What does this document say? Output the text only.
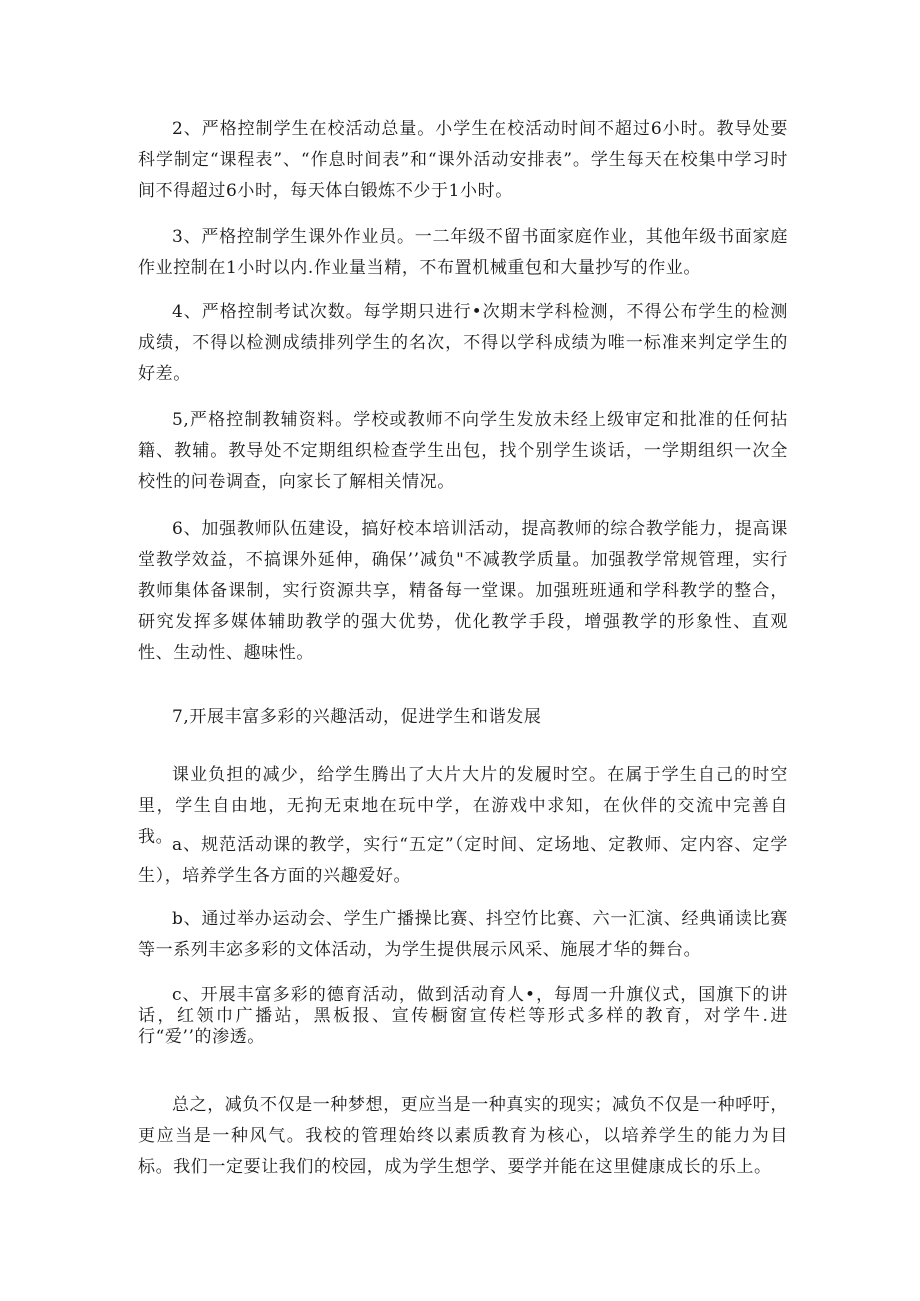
2、严格控制学生在校活动总量。小学生在校活动时间不超过6小时。教导处要科学制定“课程表”、“作息时间表”和“课外活动安排表”。学生每天在校集中学习时间不得超过6小时，每天体白锻炼不少于1小时。

3、严格控制学生课外作业员。一二年级不留书面家庭作业，其他年级书面家庭作业控制在1小时以内.作业量当精，不布置机械重包和大量抄写的作业。

4、严格控制考试次数。每学期只进行•次期末学科检测，不得公布学生的检测成绩，不得以检测成绩排列学生的名次，不得以学科成绩为唯一标准来判定学生的好差。

5,严格控制教辅资料。学校或教师不向学生发放未经上级审定和批准的任何拈籍、教辅。教导处不定期组织检查学生出包，找个别学生谈话，一学期组织一次全校性的问卷调查，向家长了解相关情况。

6、加强教师队伍建设，搞好校本培训活动，提高教师的综合教学能力，提高课堂教学效益，不搞课外延伸，确保’’减负"不减教学质量。加强教学常规管理，实行教师集体备课制，实行资源共享，精备每一堂课。加强班班通和学科教学的整合，研究发挥多媒体辅助教学的强大优势，优化教学手段，增强教学的形象性、直观性、生动性、趣味性。

7,开展丰富多彩的兴趣活动，促进学生和谐发展

课业负担的减少，给学生腾出了大片大片的发履时空。在属于学生自己的时空里，学生自由地，无拘无束地在玩中学，在游戏中求知，在伙伴的交流中完善自我。

a、规范活动课的教学，实行“五定”（定时间、定场地、定教师、定内容、定学生），培养学生各方面的兴趣爱好。

b、通过举办运动会、学生广播操比赛、抖空竹比赛、六一汇演、经典诵读比赛等一系列丰宓多彩的文体活动，为学生提供展示风采、施展才华的舞台。

c、开展丰富多彩的德育活动，做到活动育人•，每周一升旗仪式，国旗下的讲话，红领巾广播站，黑板报、宣传橱窗宣传栏等形式多样的教育，对学牛.进行“爱’’的渗透。

总之，减负不仅是一种梦想，更应当是一种真实的现实；减负不仅是一种呼吁，更应当是一种风气。我校的管理始终以素质教育为核心，以培养学生的能力为目标。我们一定要让我们的校园，成为学生想学、要学并能在这里健康成长的乐上。
